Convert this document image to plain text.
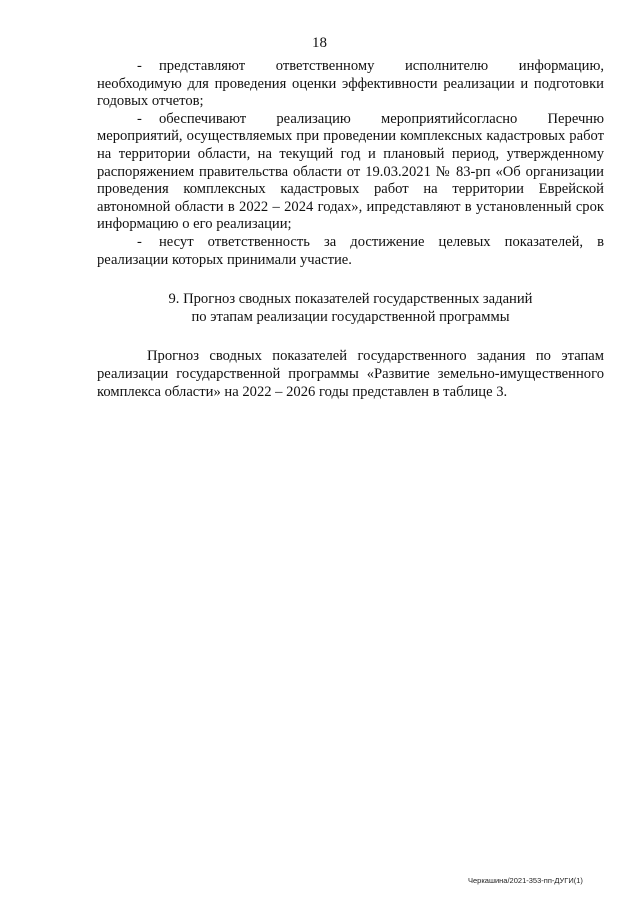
18

- представляют ответственному исполнителю информацию, необходимую для проведения оценки эффективности реализации и подготовки годовых отчетов;

- обеспечивают реализацию мероприятийсогласно Перечню мероприятий, осуществляемых при проведении комплексных кадастровых работ на территории области, на текущий год и плановый период, утвержденному распоряжением правительства области от 19.03.2021 № 83-рп «Об организации проведения комплексных кадастровых работ на территории Еврейской автономной области в 2022 – 2024 годах», ипредставляют в установленный срок информацию о его реализации;

- несут ответственность за достижение целевых показателей, в реализации которых принимали участие.

9. Прогноз сводных показателей государственных заданий
по этапам реализации государственной программы

Прогноз сводных показателей государственного задания по этапам реализации государственной программы «Развитие земельно-имущественного комплекса области» на 2022 – 2026 годы представлен в таблице 3.

Черкашина/2021-353-пп-ДУГИ(1)
